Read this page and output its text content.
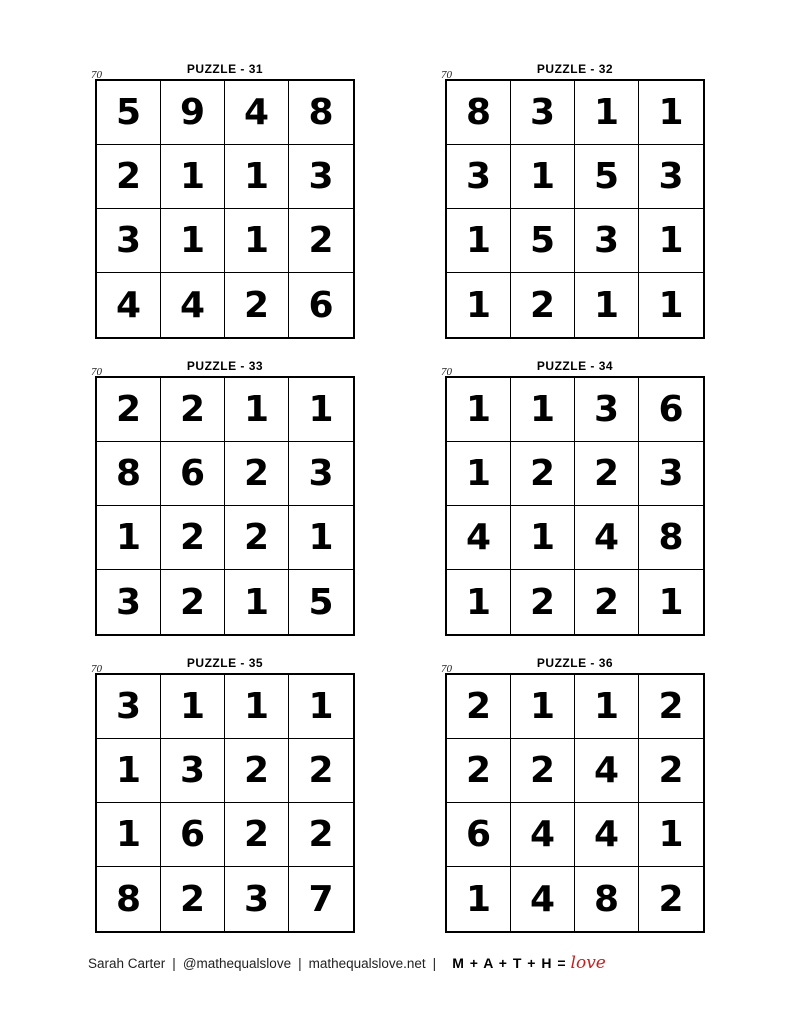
PUZZLE - 31
70
5	9	4	8
2	1	1	3
3	1	1	2
4	4	2	6
PUZZLE - 32
70
8	3	1	1
3	1	5	3
1	5	3	1
1	2	1	1
PUZZLE - 33
70
2	2	1	1
8	6	2	3
1	2	2	1
3	2	1	5
PUZZLE - 34
70
1	1	3	6
1	2	2	3
4	1	4	8
1	2	2	1
PUZZLE - 35
70
3	1	1	1
1	3	2	2
1	6	2	2
8	2	3	7
PUZZLE - 36
70
2	1	1	2
2	2	4	2
6	4	4	1
1	4	8	2
Sarah Carter | @mathequalslove | mathequalslove.net | M + A + T + H = love
